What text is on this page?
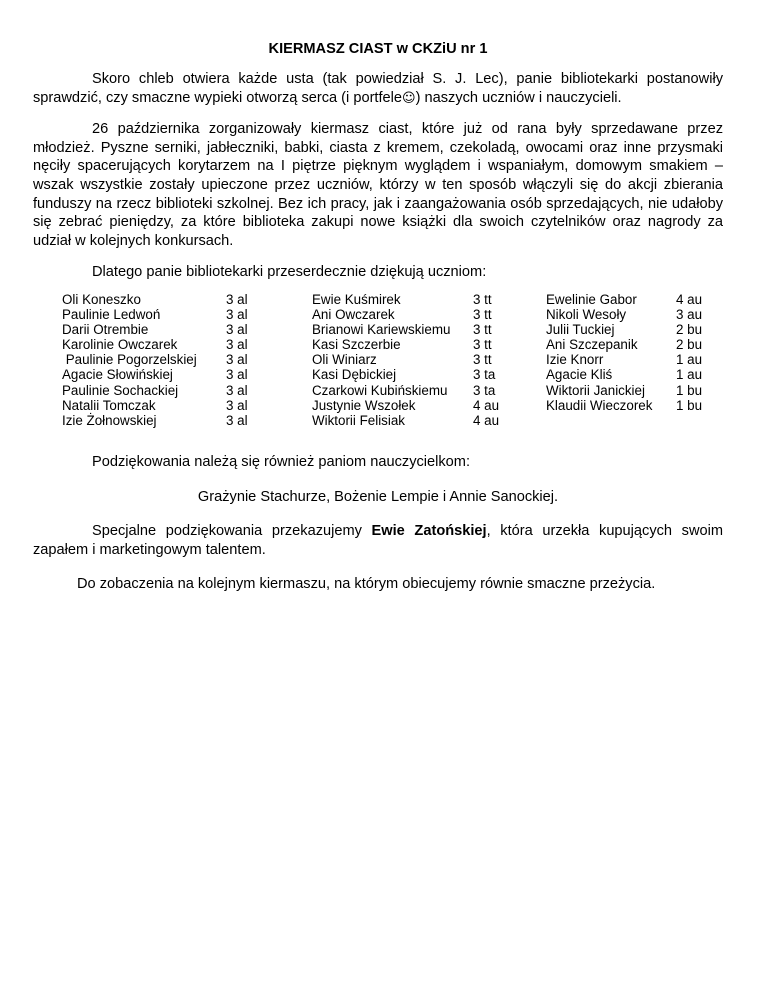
KIERMASZ CIAST w CKZiU nr 1

Skoro chleb otwiera każde usta (tak powiedział S. J. Lec), panie bibliotekarki postanowiły sprawdzić, czy smaczne wypieki otworzą serca (i portfele☺) naszych uczniów i nauczycieli.

26 października zorganizowały kiermasz ciast, które już od rana były sprzedawane przez młodzież. Pyszne serniki, jabłeczniki, babki, ciasta z kremem, czekoladą, owocami oraz inne przysmaki nęciły spacerujących korytarzem na I piętrze pięknym wyglądem i wspaniałym, domowym smakiem – wszak wszystkie zostały upieczone przez uczniów, którzy w ten sposób włączyli się do akcji zbierania funduszy na rzecz biblioteki szkolnej. Bez ich pracy, jak i zaangażowania osób sprzedających, nie udałoby się zebrać pieniędzy, za które biblioteka zakupi nowe książki dla swoich czytelników oraz nagrody za udział w kolejnych konkursach.

Dlatego panie bibliotekarki przeserdecznie dziękują uczniom:

Oli Koneszko
Paulinie Ledwoń
Darii Otrembie
Karolinie Owczarek
Paulinie Pogorzelskiej
Agacie Słowińskiej
Paulinie Sochackiej
Natalii Tomczak
Izie Żołnowskiej
3 al
3 al
3 al
3 al
3 al
3 al
3 al
3 al
3 al
Ewie Kuśmirek
Ani Owczarek
Brianowi Kariewskiemu
Kasi Szczerbie
Oli Winiarz
Kasi Dębickiej
Czarkowi Kubińskiemu
Justynie Wszołek
Wiktorii Felisiak
3 tt
3 tt
3 tt
3 tt
3 tt
3 ta
3 ta
4 au
4 au
Ewelinie Gabor
Nikoli Wesoły
Julii Tuckiej
Ani Szczepanik
Izie Knorr
Agacie Kliś
Wiktorii Janickiej
Klaudii Wieczorek
4 au
3 au
2 bu
2 bu
1 au
1 au
1 bu
1 bu

Podziękowania należą się również paniom nauczycielkom:

Grażynie Stachurze, Bożenie Lempie i Annie Sanockiej.

Specjalne podziękowania przekazujemy Ewie Zatońskiej, która urzekła kupujących swoim zapałem i marketingowym talentem.

Do zobaczenia na kolejnym kiermaszu, na którym obiecujemy równie smaczne przeżycia.
